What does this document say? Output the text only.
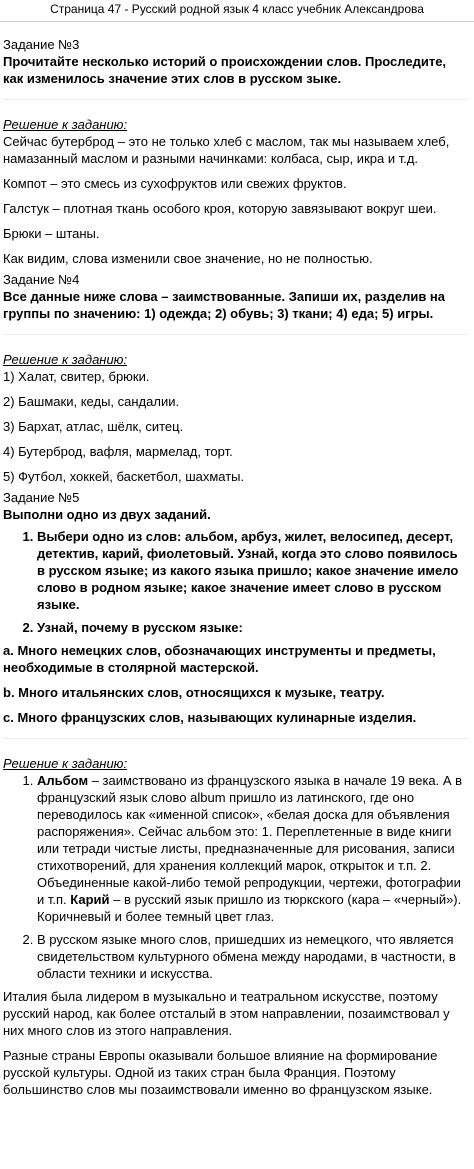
Страница 47 - Русский родной язык 4 класс учебник Александрова

Задание №3

Прочитайте несколько историй о происхождении слов. Проследите, как изменилось значение этих слов в русском зыке.

Решение к заданию:

Сейчас бутерброд – это не только хлеб с маслом, так мы называем хлеб, намазанный маслом и разными начинками: колбаса, сыр, икра и т.д.

Компот – это смесь из сухофруктов или свежих фруктов.

Галстук – плотная ткань особого кроя, которую завязывают вокруг шеи.

Брюки – штаны.

Как видим, слова изменили свое значение, но не полностью.

Задание №4

Все данные ниже слова – заимствованные. Запиши их, разделив на группы по значению: 1) одежда; 2) обувь; 3) ткани; 4) еда; 5) игры.

Решение к заданию:

1) Халат, свитер, брюки.

2) Башмаки, кеды, сандалии.

3) Бархат, атлас, шёлк, ситец.

4) Бутерброд, вафля, мармелад, торт.

5) Футбол, хоккей, баскетбол, шахматы.

Задание №5

Выполни одно из двух заданий.

1. Выбери одно из слов: альбом, арбуз, жилет, велосипед, десерт, детектив, карий, фиолетовый. Узнай, когда это слово появилось в русском языке; из какого языка пришло; какое значение имело слово в родном языке; какое значение имеет слово в русском языке.
2. Узнай, почему в русском языке:

a. Много немецких слов, обозначающих инструменты и предметы, необходимые в столярной мастерской.

b. Много итальянских слов, относящихся к музыке, театру.

c. Много французских слов, называющих кулинарные изделия.

Решение к заданию:

1. Альбом – заимствовано из французского языка в начале 19 века. А в французский язык слово album пришло из латинского, где оно переводилось как «именной список», «белая доска для объявления распоряжения». Сейчас альбом это: 1. Переплетенные в виде книги или тетради чистые листы, предназначенные для рисования, записи стихотворений, для хранения коллекций марок, открыток и т.п. 2. Объединенные какой-либо темой репродукции, чертежи, фотографии и т.п. Карий – в русский язык пришло из тюркского (кара – «черный»). Коричневый и более темный цвет глаз.
2. В русском языке много слов, пришедших из немецкого, что является свидетельством культурного обмена между народами, в частности, в области техники и искусства.

Италия была лидером в музыкально и театральном искусстве, поэтому русский народ, как более отсталый в этом направлении, позаимствовал у них много слов из этого направления.

Разные страны Европы оказывали большое влияние на формирование русской культуры. Одной из таких стран была Франция. Поэтому большинство слов мы позаимствовали именно во французском языке.
